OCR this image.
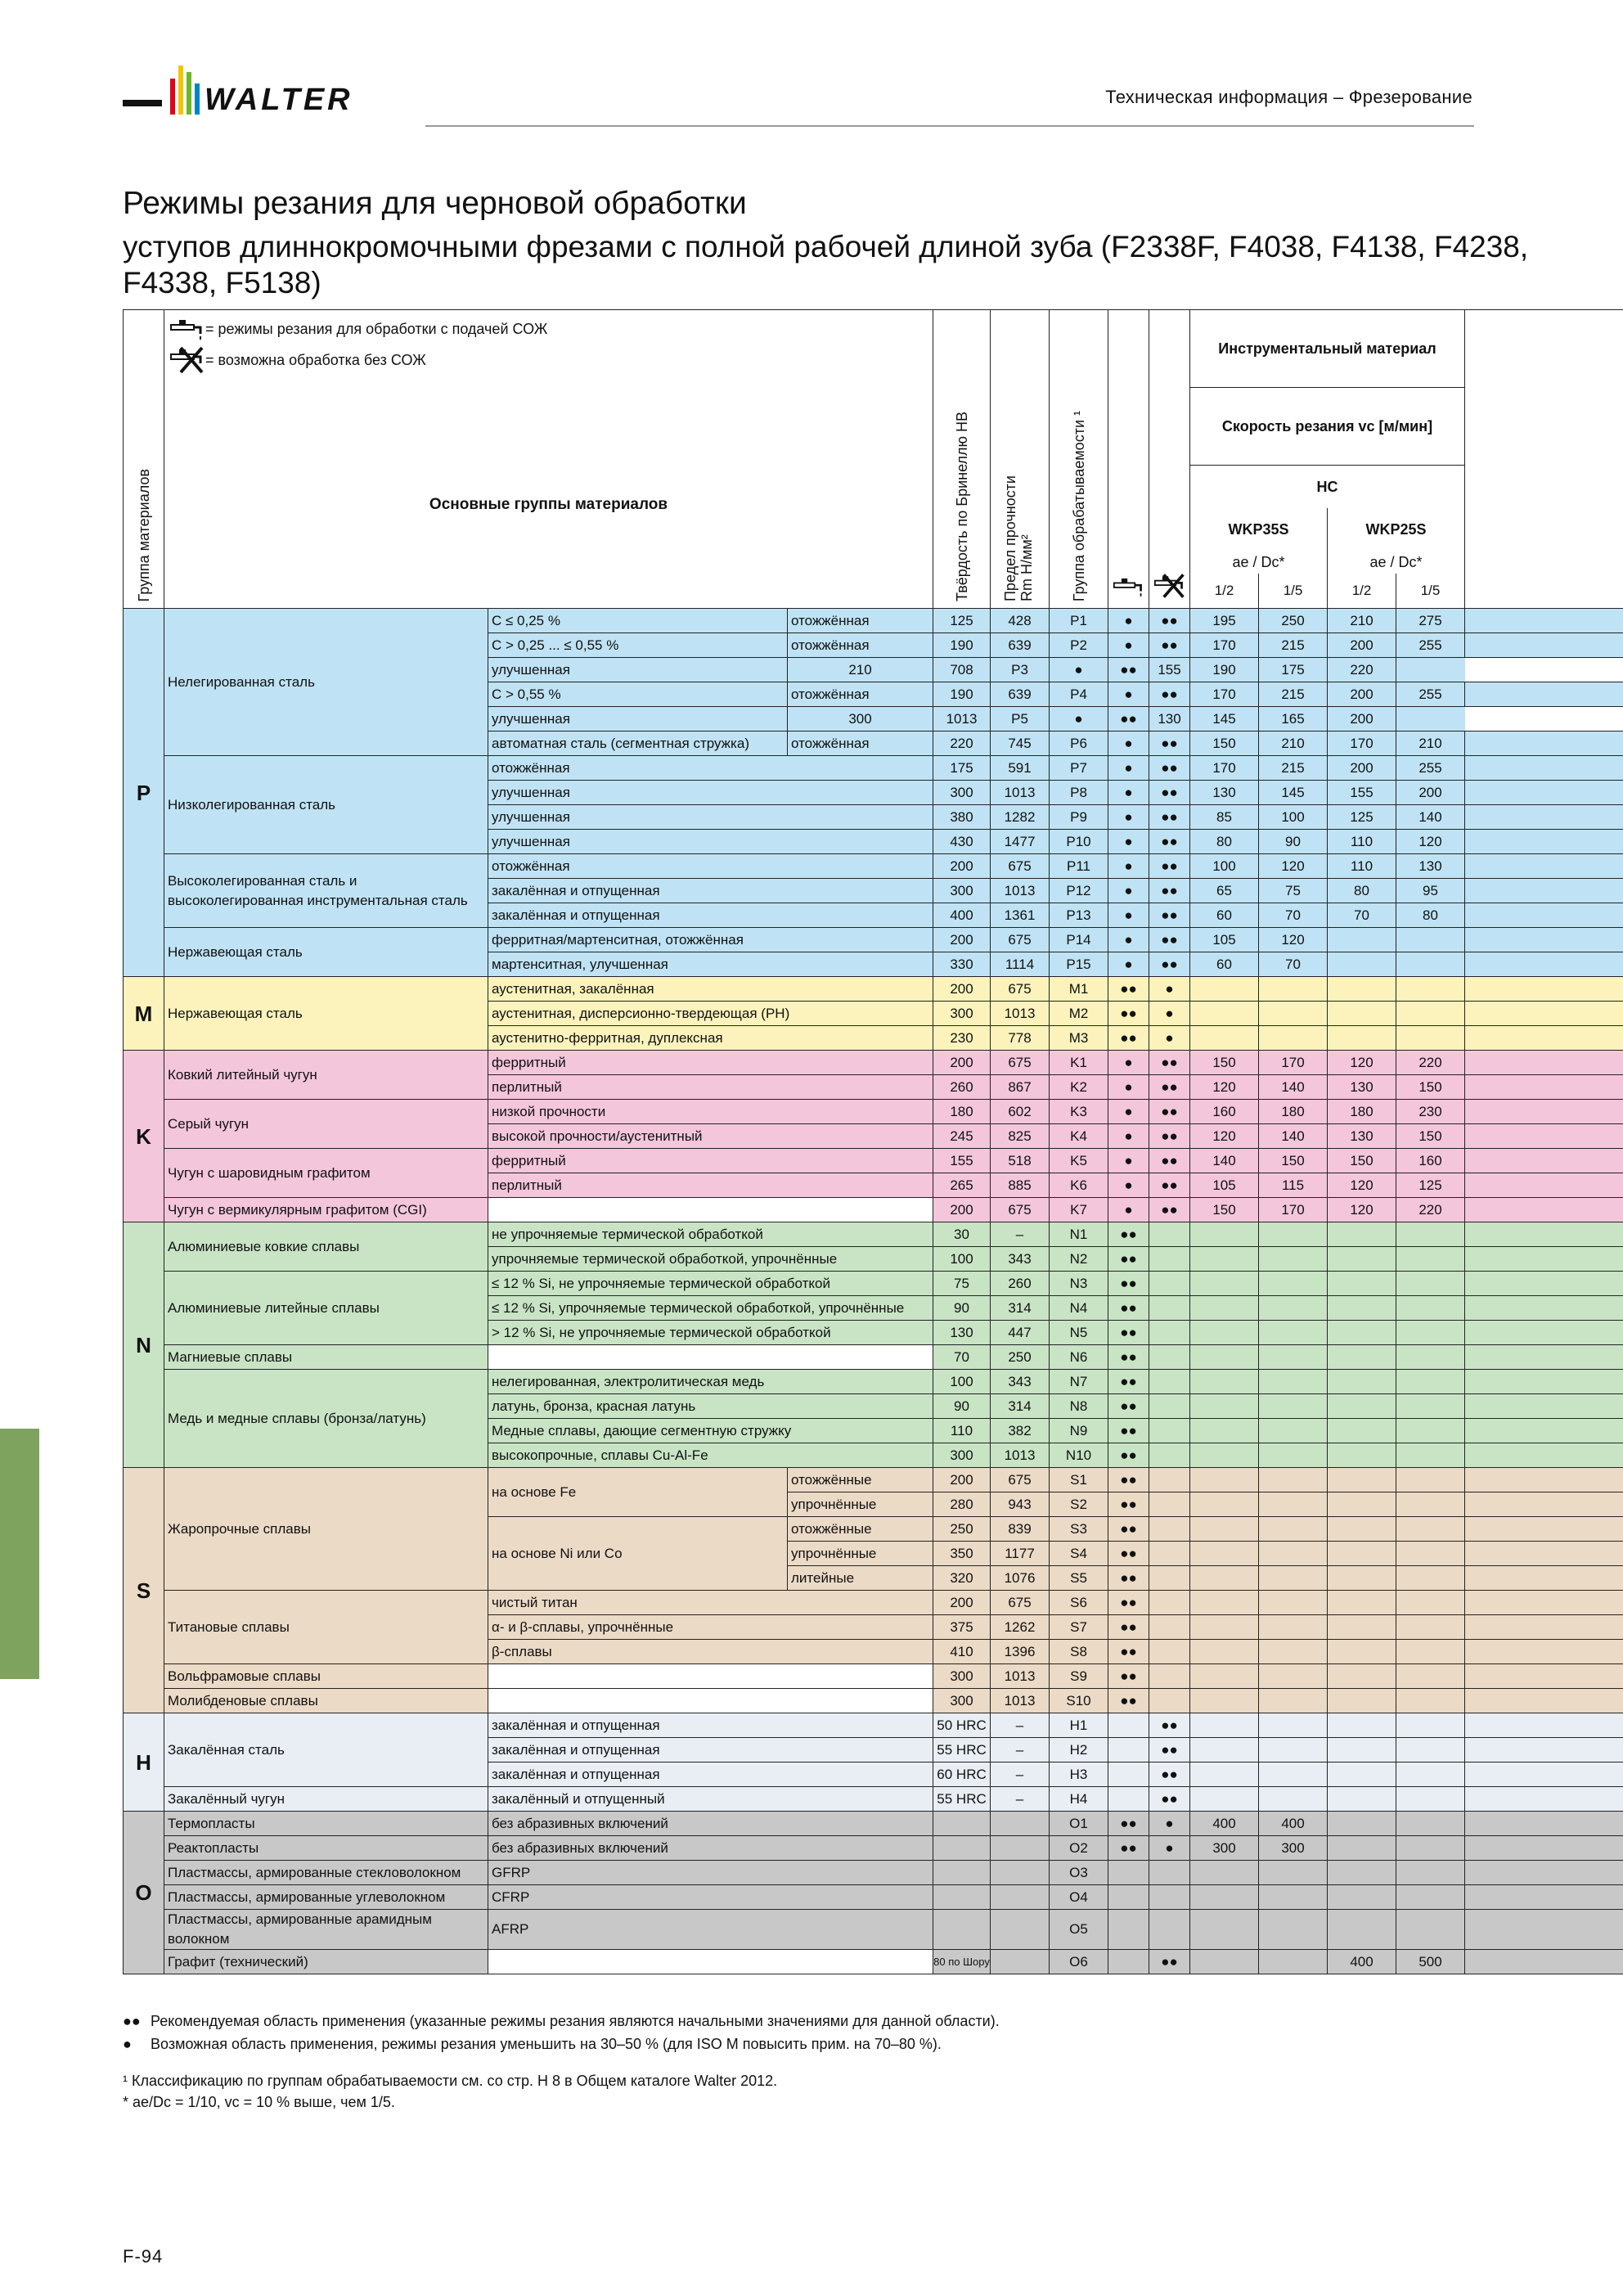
WALTER	Техническая информация – Фрезерование
Режимы резания для черновой обработки
уступов длиннокромочными фрезами с полной рабочей длиной зуба (F2338F, F4038, F4138, F4238, F4338, F5138)
Группа материалов	= режимы резания для обработки с подачей СОЖ
= возможна обработка без СОЖ
Основные группы материалов			Твёрдость по Бринеллю HB	Предел прочности Rm Н/мм²	Группа обрабатываемости ¹			Инструментальный материал				
									Скорость резания vc [м/мин]				
									HC				
									WKP35S		WKP25S		
									ae / Dc*		ae / Dc*		
									1/2	1/5	1/2	1/5	
P	Нелегированная сталь	C ≤ 0,25 %	отожжённая	125	428	P1	●	●●	195	250	210	275	
		C > 0,25 ... ≤ 0,55 %	отожжённая	190	639	P2	●	●●	170	215	200	255	
		улучшенная	210	708	P3	●	●●	155	190	175	220		
		C > 0,55 %	отожжённая	190	639	P4	●	●●	170	215	200	255	
		улучшенная	300	1013	P5	●	●●	130	145	165	200		
		автоматная сталь (сегментная стружка)	отожжённая	220	745	P6	●	●●	150	210	170	210	
	Низколегированная сталь	отожжённая		175	591	P7	●	●●	170	215	200	255	
		улучшенная		300	1013	P8	●	●●	130	145	155	200	
		улучшенная		380	1282	P9	●	●●	85	100	125	140	
		улучшенная		430	1477	P10	●	●●	80	90	110	120	
	Высоколегированная сталь и высоколегированная инструментальная сталь	отожжённая		200	675	P11	●	●●	100	120	110	130	
		закалённая и отпущенная		300	1013	P12	●	●●	65	75	80	95	
		закалённая и отпущенная		400	1361	P13	●	●●	60	70	70	80	
	Нержавеющая сталь	ферритная/мартенситная, отожжённая		200	675	P14	●	●●	105	120			
		мартенситная, улучшенная		330	1114	P15	●	●●	60	70			
M	Нержавеющая сталь	аустенитная, закалённая		200	675	M1	●●	●					
		аустенитная, дисперсионно-твердеющая (PH)		300	1013	M2	●●	●					
		аустенитно-ферритная, дуплексная		230	778	M3	●●	●					
K	Ковкий литейный чугун	ферритный		200	675	K1	●	●●	150	170	120	220	
		перлитный		260	867	K2	●	●●	120	140	130	150	
	Серый чугун	низкой прочности		180	602	K3	●	●●	160	180	180	230	
		высокой прочности/аустенитный		245	825	K4	●	●●	120	140	130	150	
	Чугун с шаровидным графитом	ферритный		155	518	K5	●	●●	140	150	150	160	
		перлитный		265	885	K6	●	●●	105	115	120	125	
	Чугун с вермикулярным графитом (CGI)			200	675	K7	●	●●	150	170	120	220	
N	Алюминиевые ковкие сплавы	не упрочняемые термической обработкой		30	–	N1	●●						
		упрочняемые термической обработкой, упрочнённые		100	343	N2	●●						
	Алюминиевые литейные сплавы	≤ 12 % Si, не упрочняемые термической обработкой		75	260	N3	●●						
		≤ 12 % Si, упрочняемые термической обработкой, упрочнённые		90	314	N4	●●						
		> 12 % Si, не упрочняемые термической обработкой		130	447	N5	●●						
	Магниевые сплавы			70	250	N6	●●						
	Медь и медные сплавы (бронза/латунь)	нелегированная, электролитическая медь		100	343	N7	●●						
		латунь, бронза, красная латунь		90	314	N8	●●						
		Медные сплавы, дающие сегментную стружку		110	382	N9	●●						
		высокопрочные, сплавы Cu-Al-Fe		300	1013	N10	●●						
S	Жаропрочные сплавы	на основе Fe	отожжённые	200	675	S1	●●						
			упрочнённые	280	943	S2	●●						
		на основе Ni или Co	отожжённые	250	839	S3	●●						
			упрочнённые	350	1177	S4	●●						
			литейные	320	1076	S5	●●						
	Титановые сплавы	чистый титан		200	675	S6	●●						
		α- и β-сплавы, упрочнённые		375	1262	S7	●●						
		β-сплавы		410	1396	S8	●●						
	Вольфрамовые сплавы			300	1013	S9	●●						
	Молибденовые сплавы			300	1013	S10	●●						
H	Закалённая сталь	закалённая и отпущенная		50 HRC	–	H1		●●					
		закалённая и отпущенная		55 HRC	–	H2		●●					
		закалённая и отпущенная		60 HRC	–	H3		●●					
	Закалённый чугун	закалённый и отпущенный		55 HRC	–	H4		●●					
O	Термопласты	без абразивных включений				O1	●●	●	400	400			
	Реактопласты	без абразивных включений				O2	●●	●	300	300			
	Пластмассы, армированные стекловолокном	GFRP				O3							
	Пластмассы, армированные углеволокном	CFRP				O4							
	Пластмассы, армированные арамидным волокном	AFRP				O5							
	Графит (технический)			80 по Шору		O6		●●			400	500	
●● Рекомендуемая область применения (указанные режимы резания являются начальными значениями для данной области).
● Возможная область применения, режимы резания уменьшить на 30–50 % (для ISO M повысить прим. на 70–80 %).
¹ Классификацию по группам обрабатываемости см. со стр. H 8 в Общем каталоге Walter 2012.
* ae/Dc = 1/10, vc = 10 % выше, чем 1/5.
F-94
